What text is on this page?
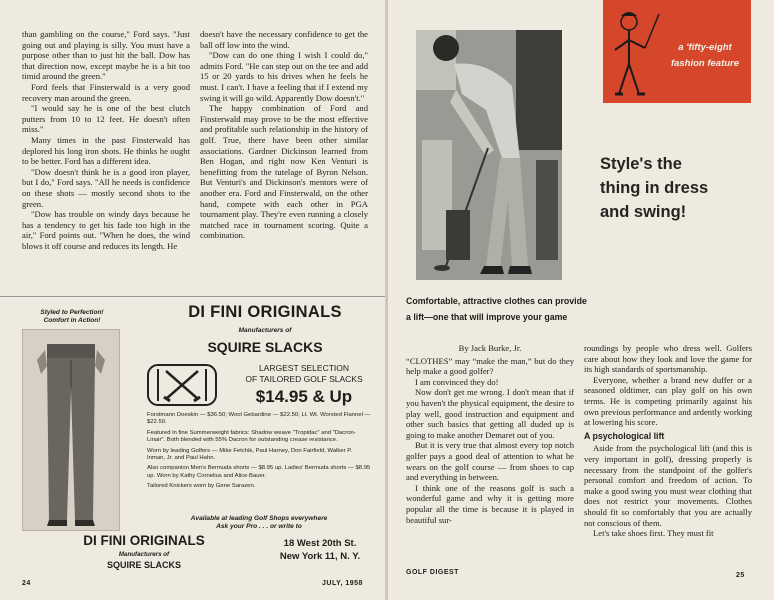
than gambling on the course," Ford says. "Just going out and playing is silly. You must have a purpose other than to just hit the ball. Dow has that direction now, except maybe he is a bit too timid around the green."

Ford feels that Finsterwald is a very good recovery man around the green.

"I would say he is one of the best clutch putters from 10 to 12 feet. He doesn't often miss."

Many times in the past Finsterwald has deplored his long iron shots. He thinks he ought to be better. Ford has a different idea.

"Dow doesn't think he is a good iron player, but I do," Ford says. "All he needs is confidence on these shots — mostly second shots to the green.

"Dow has trouble on windy days because he has a tendency to get his fade too high in the air," Ford points out. "When he does, the wind blows it off course and reduces its length. He

doesn't have the necessary confidence to get the ball off low into the wind.

"Dow can do one thing I wish I could do," admits Ford. "He can step out on the tee and add 15 or 20 yards to his drives when he feels he must. I can't. I have a feeling that if I extend my swing it will go wild. Apparently Dow doesn't."

The happy combination of Ford and Finsterwald may prove to be the most effective and profitable such relationship in the history of golf. True, there have been other similar associations. Gardner Dickinson learned from Ben Hogan, and right now Ken Venturi is benefitting from the tutelage of Byron Nelson. But Venturi's and Dickinson's mentors were of another era. Ford and Finsterwald, on the other hand, compete with each other in PGA tournament play. They're even running a closely matched race in tournament scoring. Quite a combination.

Styled to Perfection!
Comfort in Action!	DI FINI ORIGINALS
Manufacturers of
SQUIRE SLACKS
LARGEST SELECTION
OF TAILORED GOLF SLACKS
$14.95 & Up
Forstmann Doeskin — $36.50; Wool Gebardine — $22.50; Lt. Wt. Worsted Flannel — $22.50.
Featured in fine Summerweight fabrics: Shadow weave "Tropidac" and "Dacron-Linair". Both blended with 55% Dacron for outstanding crease resistance.
Worn by leading Golfers — Mike Fetchik, Paul Harney, Don Fairfield, Walker P. Inman, Jr. and Paul Hahn.
Also companion Men's Bermuda shorts — $8.95 up. Ladies' Bermuda shorts — $8.95 up. Worn by Kathy Cornelius and Alice Bauer.
Tailored Knickers worn by Gene Sarazen.
Available at leading Golf Shops everywhere
Ask your Pro . . . or write to
DI FINI ORIGINALS
Manufacturers of
SQUIRE SLACKS
18 West 20th St.
New York 11, N. Y.
24	JULY, 1958
a 'fifty-eight
fashion feature
Style's the
thing in dress
and swing!
Comfortable, attractive clothes can provide
a lift—one that will improve your game
By Jack Burke, Jr.

“CLOTHES” may “make the man,” but do they help make a good golfer?

I am convinced they do!

Now don't get me wrong. I don't mean that if you haven't the physical equipment, the desire to play well, good instruction and equipment and other such basics that getting all duded up is going to make another Demaret out of you.

But it is very true that almost every top notch golfer pays a good deal of attention to what he wears on the golf course — from shoes to cap and everything in between.

I think one of the reasons golf is such a wonderful game and why it is getting more popular all the time is because it is played in beautiful sur-

roundings by people who dress well. Golfers care about how they look and love the game for its high standards of sportsmanship.

Everyone, whether a brand new duffer or a seasoned oldtimer, can play golf on his own terms. He is competing primarily against his own previous performance and ardently working at lowering his score.

A psychological lift

Aside from the psychological lift (and this is very important in golf), dressing properly is necessary from the standpoint of the golfer's personal comfort and freedom of action. To make a good swing you must wear clothing that does not restrict your movements. Clothes should fit so comfortably that you are actually not conscious of them.

Let's take shoes first. They must fit

GOLF DIGEST	25
